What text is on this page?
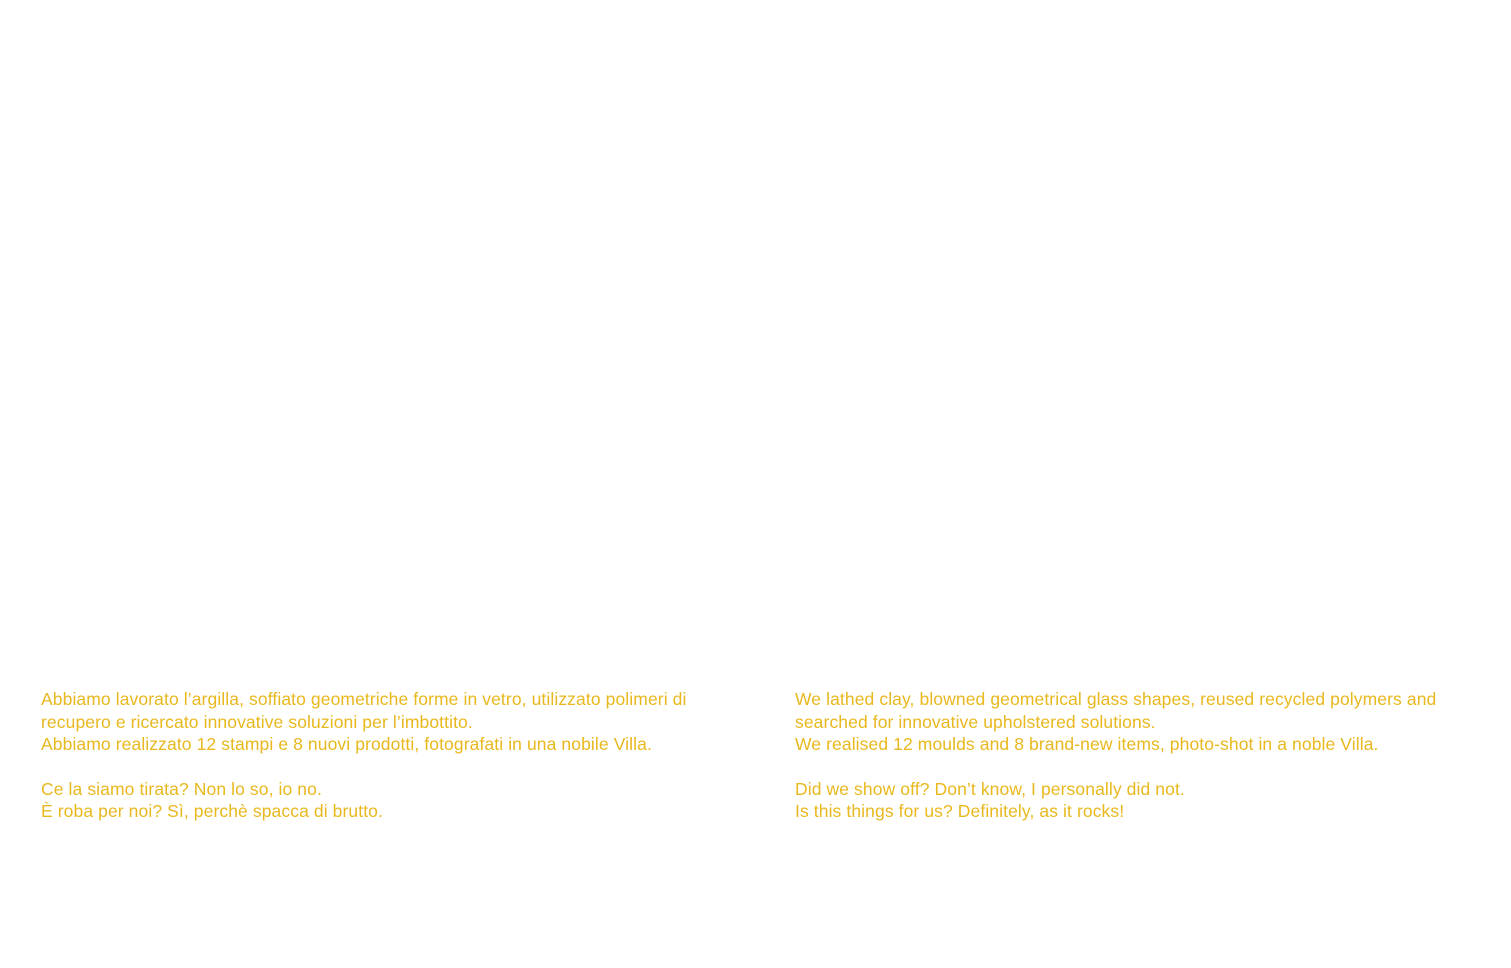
Abbiamo lavorato l’argilla, soffiato geometriche forme in vetro, utilizzato polimeri di
recupero e ricercato innovative soluzioni per l’imbottito.
Abbiamo realizzato 12 stampi e 8 nuovi prodotti, fotografati in una nobile Villa.

Ce la siamo tirata? Non lo so, io no.
È roba per noi? Sì, perchè spacca di brutto.

We lathed clay, blowned geometrical glass shapes, reused recycled polymers and
searched for innovative upholstered solutions.
We realised 12 moulds and 8 brand-new items, photo-shot in a noble Villa.

Did we show off? Don’t know, I personally did not.
Is this things for us? Definitely, as it rocks!
